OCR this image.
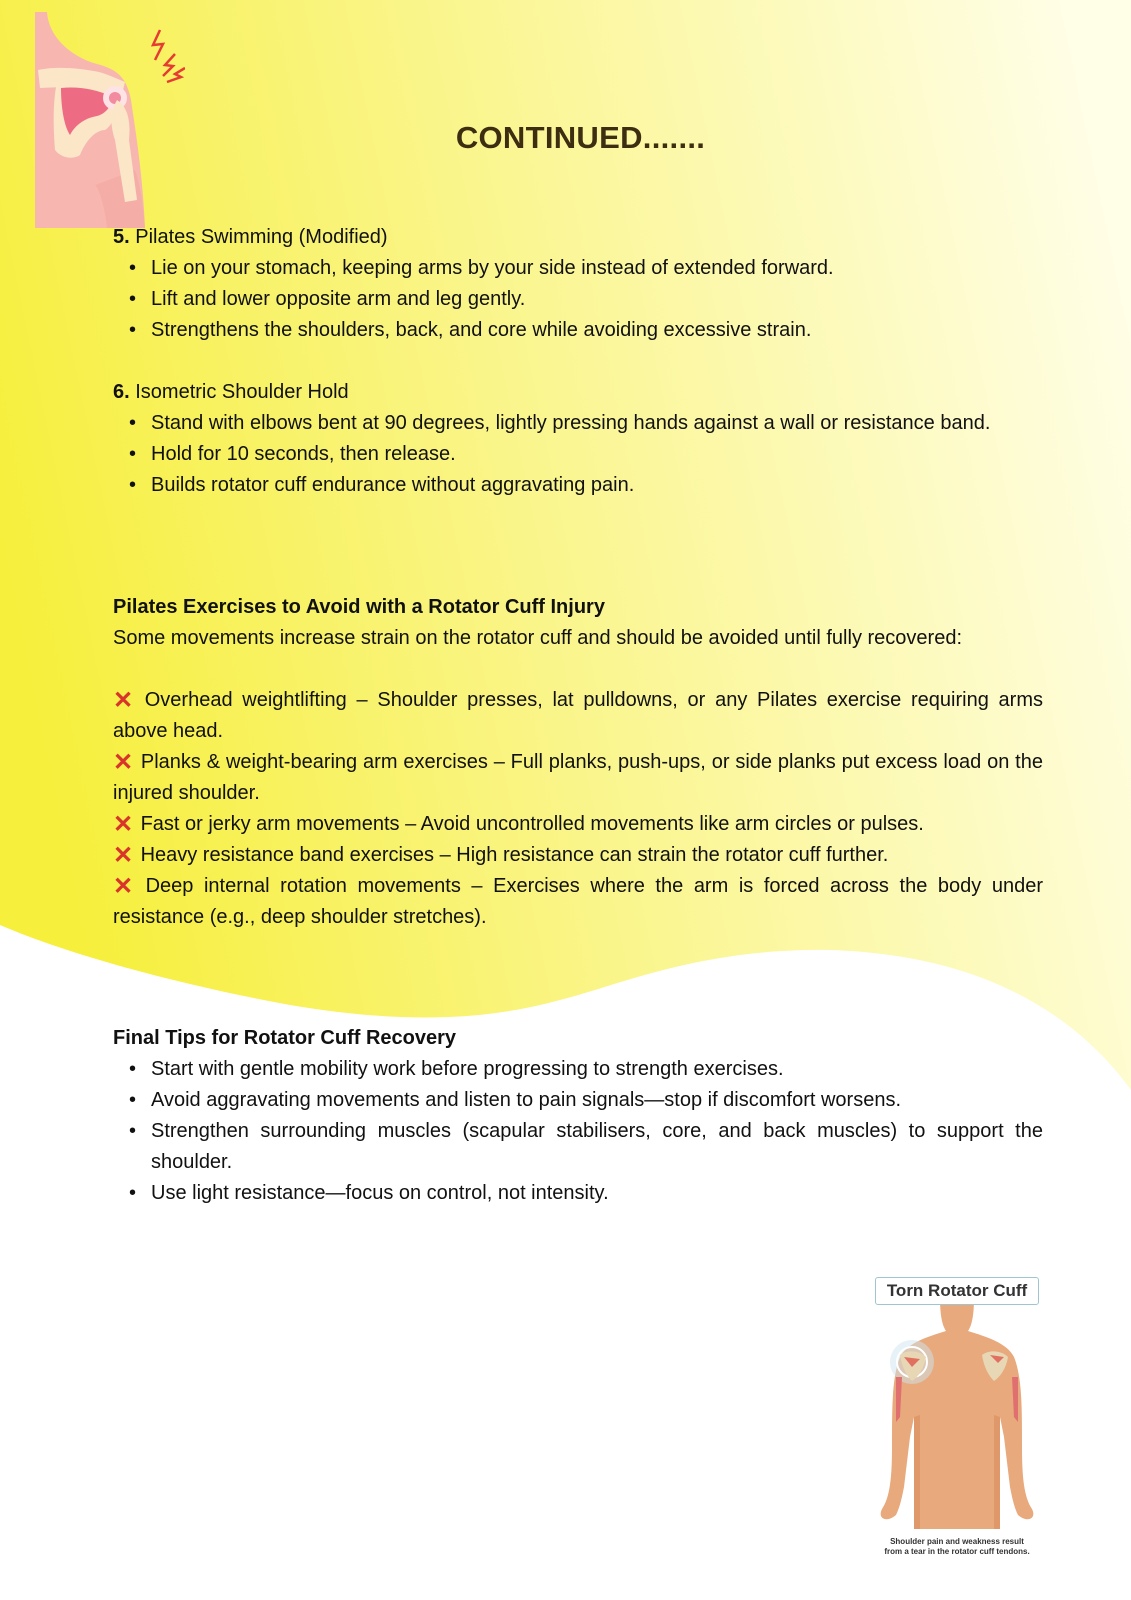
CONTINUED.......
5. Pilates Swimming (Modified)
• Lie on your stomach, keeping arms by your side instead of extended forward.
• Lift and lower opposite arm and leg gently.
• Strengthens the shoulders, back, and core while avoiding excessive strain.
6. Isometric Shoulder Hold
• Stand with elbows bent at 90 degrees, lightly pressing hands against a wall or resistance band.
• Hold for 10 seconds, then release.
• Builds rotator cuff endurance without aggravating pain.
Pilates Exercises to Avoid with a Rotator Cuff Injury
Some movements increase strain on the rotator cuff and should be avoided until fully recovered:
✕ Overhead weightlifting – Shoulder presses, lat pulldowns, or any Pilates exercise requiring arms above head.
✕ Planks & weight-bearing arm exercises – Full planks, push-ups, or side planks put excess load on the injured shoulder.
✕ Fast or jerky arm movements – Avoid uncontrolled movements like arm circles or pulses.
✕ Heavy resistance band exercises – High resistance can strain the rotator cuff further.
✕ Deep internal rotation movements – Exercises where the arm is forced across the body under resistance (e.g., deep shoulder stretches).
Final Tips for Rotator Cuff Recovery
• Start with gentle mobility work before progressing to strength exercises.
• Avoid aggravating movements and listen to pain signals—stop if discomfort worsens.
• Strengthen surrounding muscles (scapular stabilisers, core, and back muscles) to support the shoulder.
• Use light resistance—focus on control, not intensity.
Torn Rotator Cuff
Shoulder pain and weakness result
from a tear in the rotator cuff tendons.
